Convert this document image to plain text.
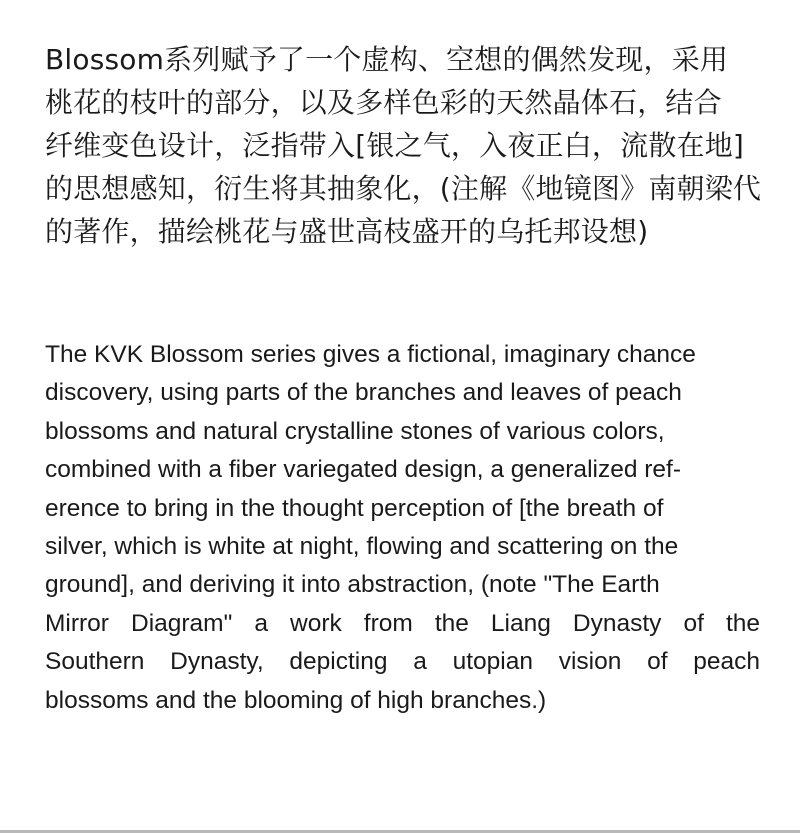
Blossom系列赋予了一个虚构、空想的偶然发现，采用
桃花的枝叶的部分，以及多样色彩的天然晶体石，结合
纤维变色设计，泛指带入[银之气，入夜正白，流散在地]
的思想感知，衍生将其抽象化，(注解《地镜图》南朝梁代
的著作，描绘桃花与盛世高枝盛开的乌托邦设想)

The KVK Blossom series gives a fictional, imaginary chance
discovery, using parts of the branches and leaves of peach
blossoms and natural crystalline stones of various colors,
combined with a fiber variegated design, a generalized ref-
erence to bring in the thought perception of [the breath of
silver, which is white at night, flowing and scattering on the
ground], and deriving it into abstraction, (note "The Earth
Mirror Diagram" a work from the Liang Dynasty of the
Southern Dynasty, depicting a utopian vision of peach
blossoms and the blooming of high branches.)
